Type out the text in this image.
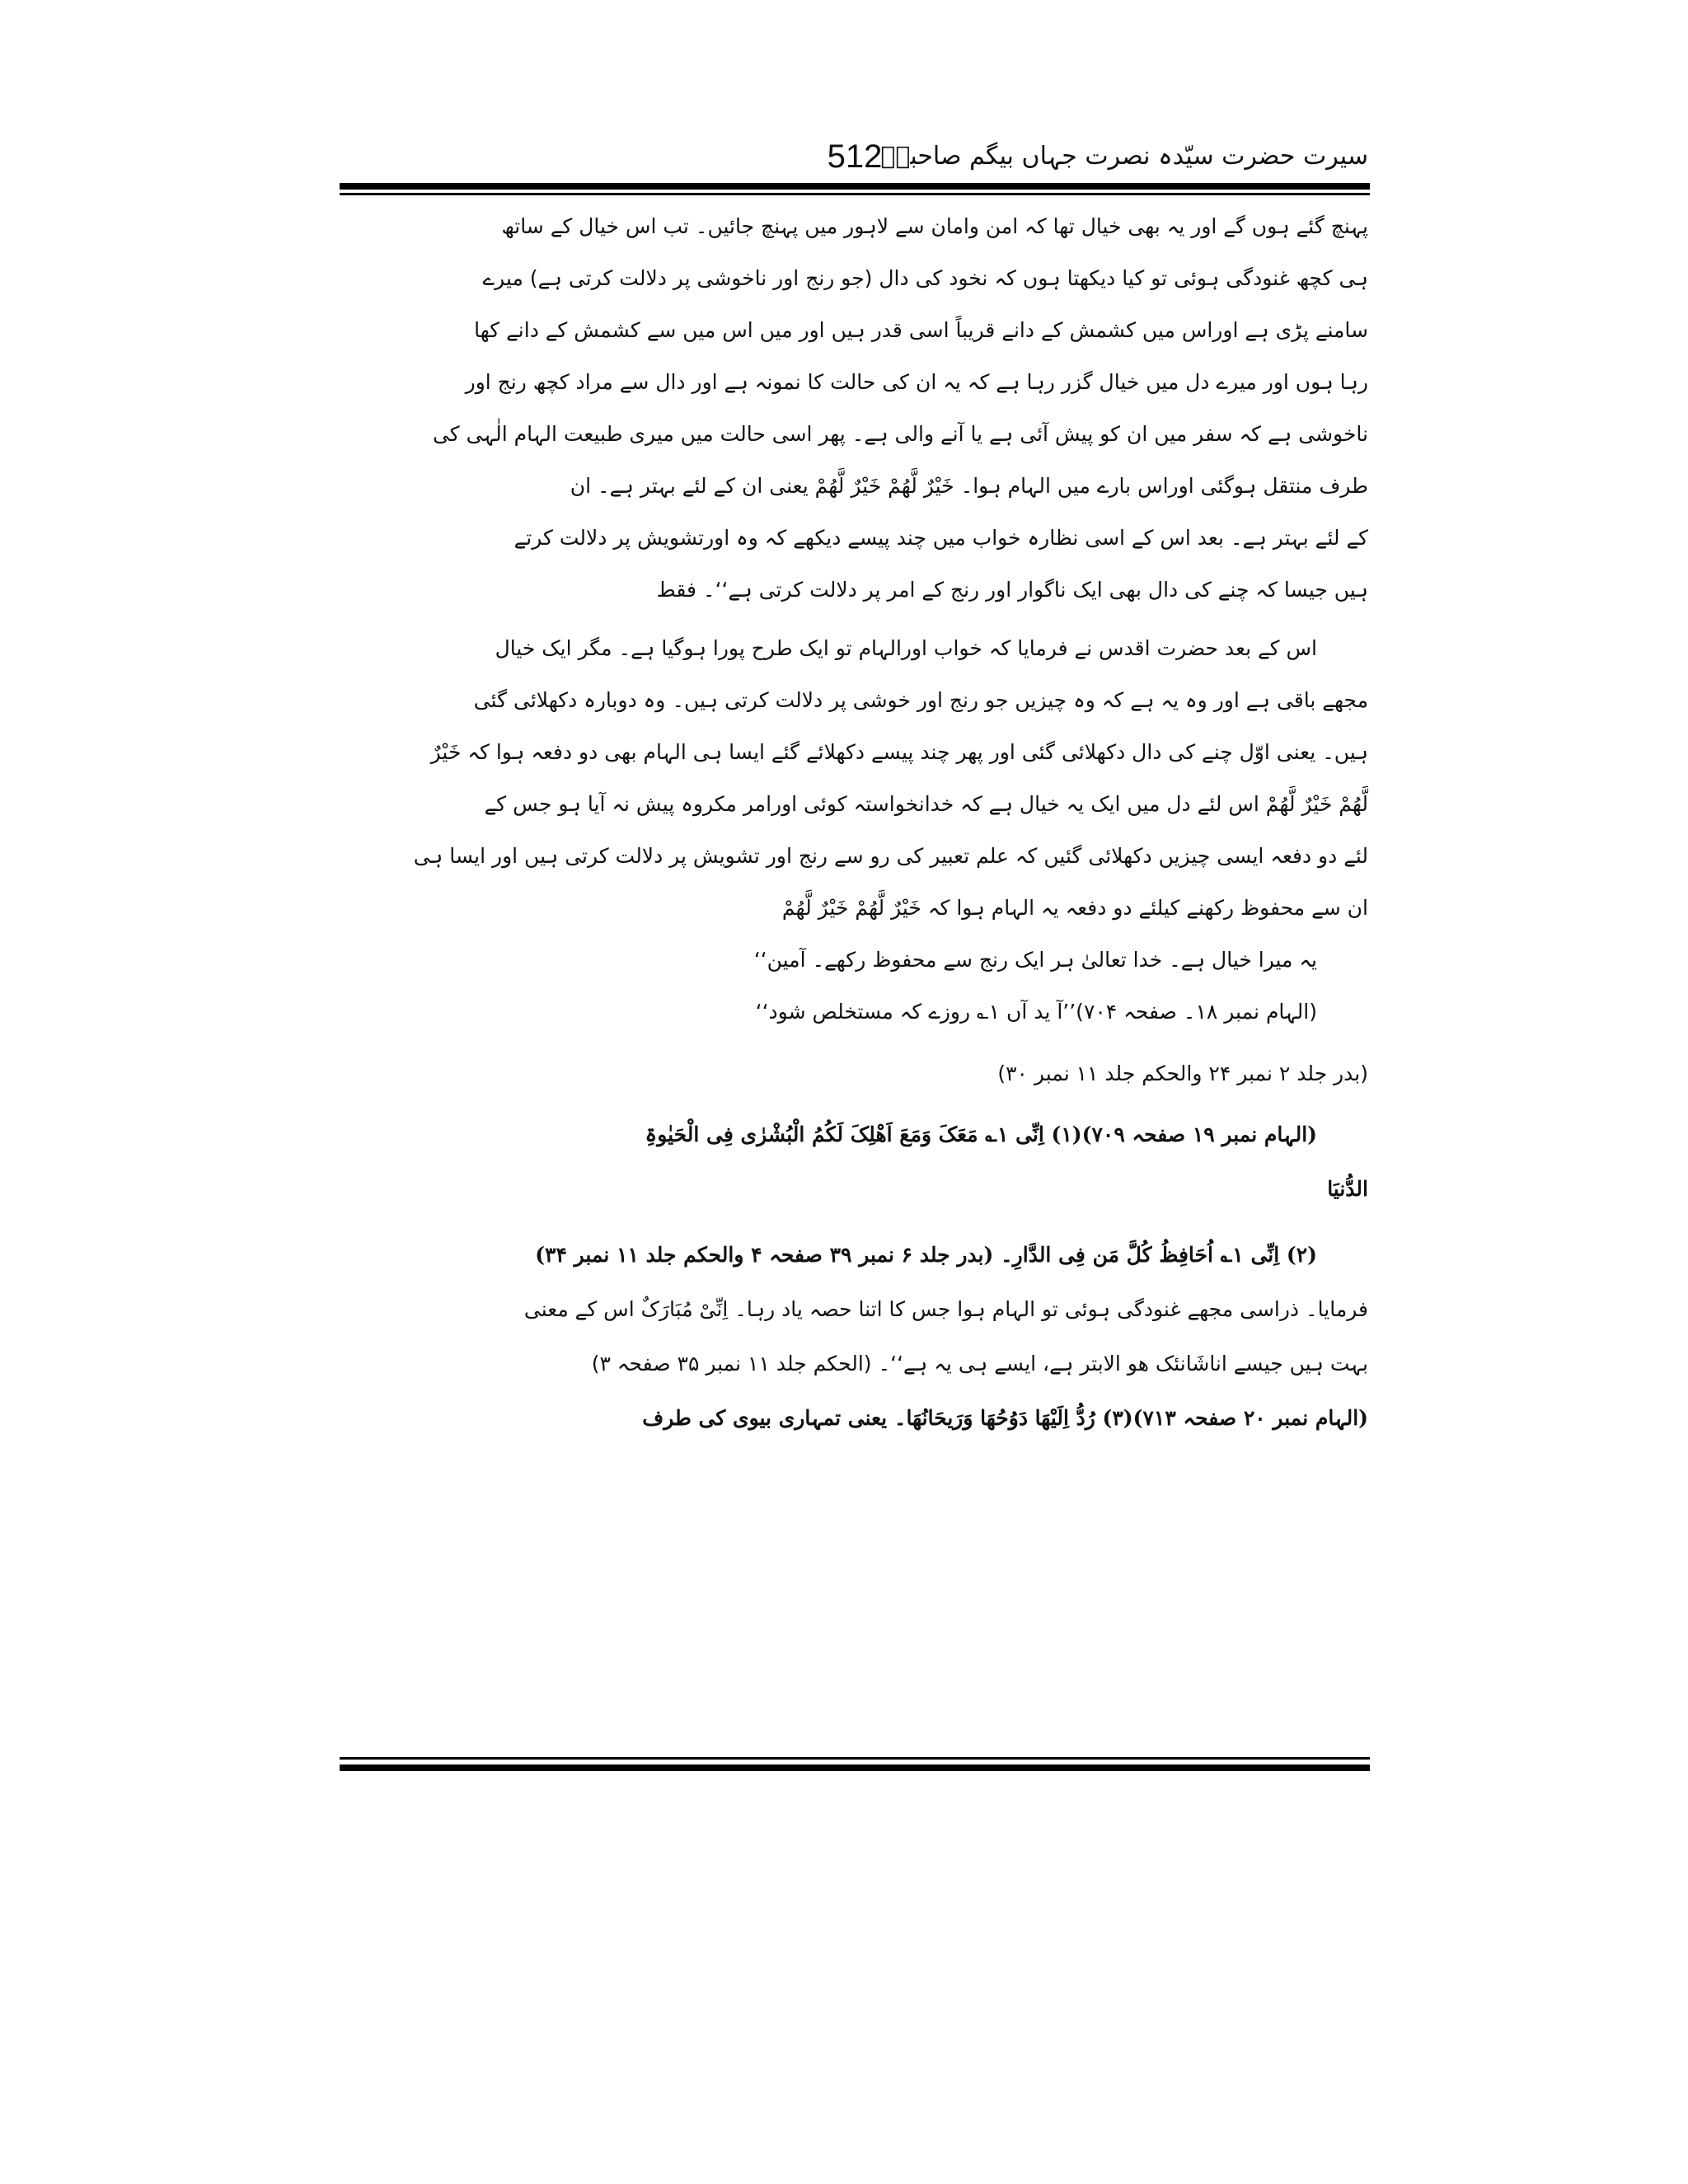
512
سیرت حضرت سیّدہ نصرت جہاں بیگم صاحبہؓ
پہنچ گئے ہوں گے اور یہ بھی خیال تھا کہ امن وامان سے لاہور میں پہنچ جائیں۔ تب اس خیال کے ساتھ
ہی کچھ غنودگی ہوئی تو کیا دیکھتا ہوں کہ نخود کی دال (جو رنج اور ناخوشی پر دلالت کرتی ہے) میرے
سامنے پڑی ہے اوراس میں کشمش کے دانے قریباً اسی قدر ہیں اور میں اس میں سے کشمش کے دانے کھا
رہا ہوں اور میرے دل میں خیال گزر رہا ہے کہ یہ ان کی حالت کا نمونہ ہے اور دال سے مراد کچھ رنج اور
ناخوشی ہے کہ سفر میں ان کو پیش آئی ہے یا آنے والی ہے۔ پھر اسی حالت میں میری طبیعت الہام الٰہی کی
طرف منتقل ہوگئی اوراس بارے میں الہام ہوا۔ خَیْرٌ لَّھُمْ خَیْرٌ لَّھُمْ یعنی ان کے لئے بہتر ہے۔ ان
کے لئے بہتر ہے۔ بعد اس کے اسی نظارہ خواب میں چند پیسے دیکھے کہ وہ اورتشویش پر دلالت کرتے
ہیں جیسا کہ چنے کی دال بھی ایک ناگوار اور رنج کے امر پر دلالت کرتی ہے‘‘۔ فقط
اس کے بعد حضرت اقدس نے فرمایا کہ خواب اورالہام تو ایک طرح پورا ہوگیا ہے۔ مگر ایک خیال
مجھے باقی ہے اور وہ یہ ہے کہ وہ چیزیں جو رنج اور خوشی پر دلالت کرتی ہیں۔ وہ دوبارہ دکھلائی گئی
ہیں۔ یعنی اوّل چنے کی دال دکھلائی گئی اور پھر چند پیسے دکھلائے گئے ایسا ہی الہام بھی دو دفعہ ہوا کہ خَیْرٌ
لَّھُمْ خَیْرٌ لَّھُمْ اس لئے دل میں ایک یہ خیال ہے کہ خدانخواستہ کوئی اورامر مکروہ پیش نہ آیا ہو جس کے
لئے دو دفعہ ایسی چیزیں دکھلائی گئیں کہ علم تعبیر کی رو سے رنج اور تشویش پر دلالت کرتی ہیں اور ایسا ہی
ان سے محفوظ رکھنے کیلئے دو دفعہ یہ الہام ہوا کہ خَیْرٌ لَّھُمْ خَیْرٌ لَّھُمْ
یہ میرا خیال ہے۔ خدا تعالیٰ ہر ایک رنج سے محفوظ رکھے۔ آمین‘‘
(الہام نمبر ۱۸۔ صفحہ ۷۰۴)’’آ ید آں ۱؎ روزے کہ مستخلص شود‘‘
(بدر جلد ۲ نمبر ۲۴ والحکم جلد ۱۱ نمبر ۳۰)
(الہام نمبر ۱۹ صفحہ ۷۰۹)(۱) اِنِّی ۱؎ مَعَکَ وَمَعَ اَھْلِکَ لَکُمُ الْبُشْرٰی فِی الْحَیٰوۃِ
الدُّنیَا
(۲) اِنِّی ۱؎ اُحَافِظُ کُلَّ مَن فِی الدَّارِ۔ (بدر جلد ۶ نمبر ۳۹ صفحہ ۴ والحکم جلد ۱۱ نمبر ۳۴)
فرمایا۔ ذراسی مجھے غنودگی ہوئی تو الہام ہوا جس کا اتنا حصہ یاد رہا۔ اِنِّیْ مُبَارَکٌ اس کے معنی
بہت ہیں جیسے اناشَانئک ھو الابتر ہے، ایسے ہی یہ ہے‘‘۔ (الحکم جلد ۱۱ نمبر ۳۵ صفحہ ۳)
(الہام نمبر ۲۰ صفحہ ۷۱۳)(۳) رُدُّ اِلَیْھَا دَوُحُھَا وَرَیحَانُھَا۔ یعنی تمہاری بیوی کی طرف
